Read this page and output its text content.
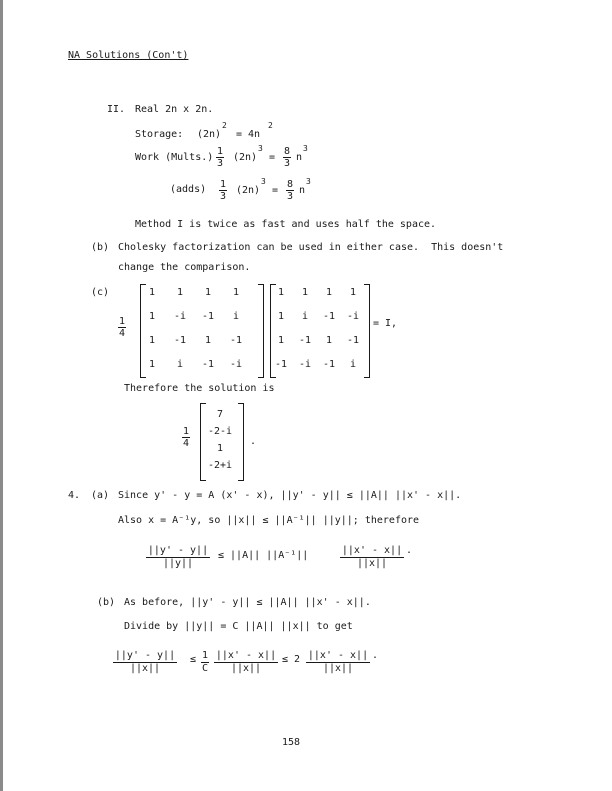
NA Solutions (Con't)
II. Real 2n x 2n.
Storage: (2n)
2
= 4n
2
Work (Mults.) $\frac{1}{3} (2n)$
3
= $\frac{8}{3}$ n
3
(adds) $\frac{1}{3} (2n)$
3
= $\frac{8}{3}$ n
3
Method I is twice as fast and uses half the space.
(b) Cholesky factorization can be used in either case.  This doesn't
change the comparison.
(c)
$\frac{1}{4}$
1	1	1	1
1	-i	-1	i
1	-1	1	-1
1	i	-1	-i
1	1	1	1
1	i	-1	-i
1	-1	1	-1
-1	-i	-1	i
= I,
Therefore the solution is
$\frac{1}{4}$
7
-2-i
1
-2+i
.
4. (a) Since y' - y = A (x' - x), ||y' - y|| ≤ ||A|| ||x' - x||.
Also x = A⁻¹y, so ||x|| ≤ ||A⁻¹|| ||y||; therefore
$\frac{||y' - y||}{||y||} \le ||A||$ ||A⁻¹||	$\frac{||x' - x||}{||x||}$ .
(b) As before, ||y' - y|| ≤ ||A|| ||x' - x||.
Divide by ||y|| = C ||A|| ||x|| to get
$\frac{||y' - y||}{||x||} \le \frac{1}{C} \frac{||x' - x||}{||x||} \le 2 \frac{||x' - x||}{||x||}$ .
158
